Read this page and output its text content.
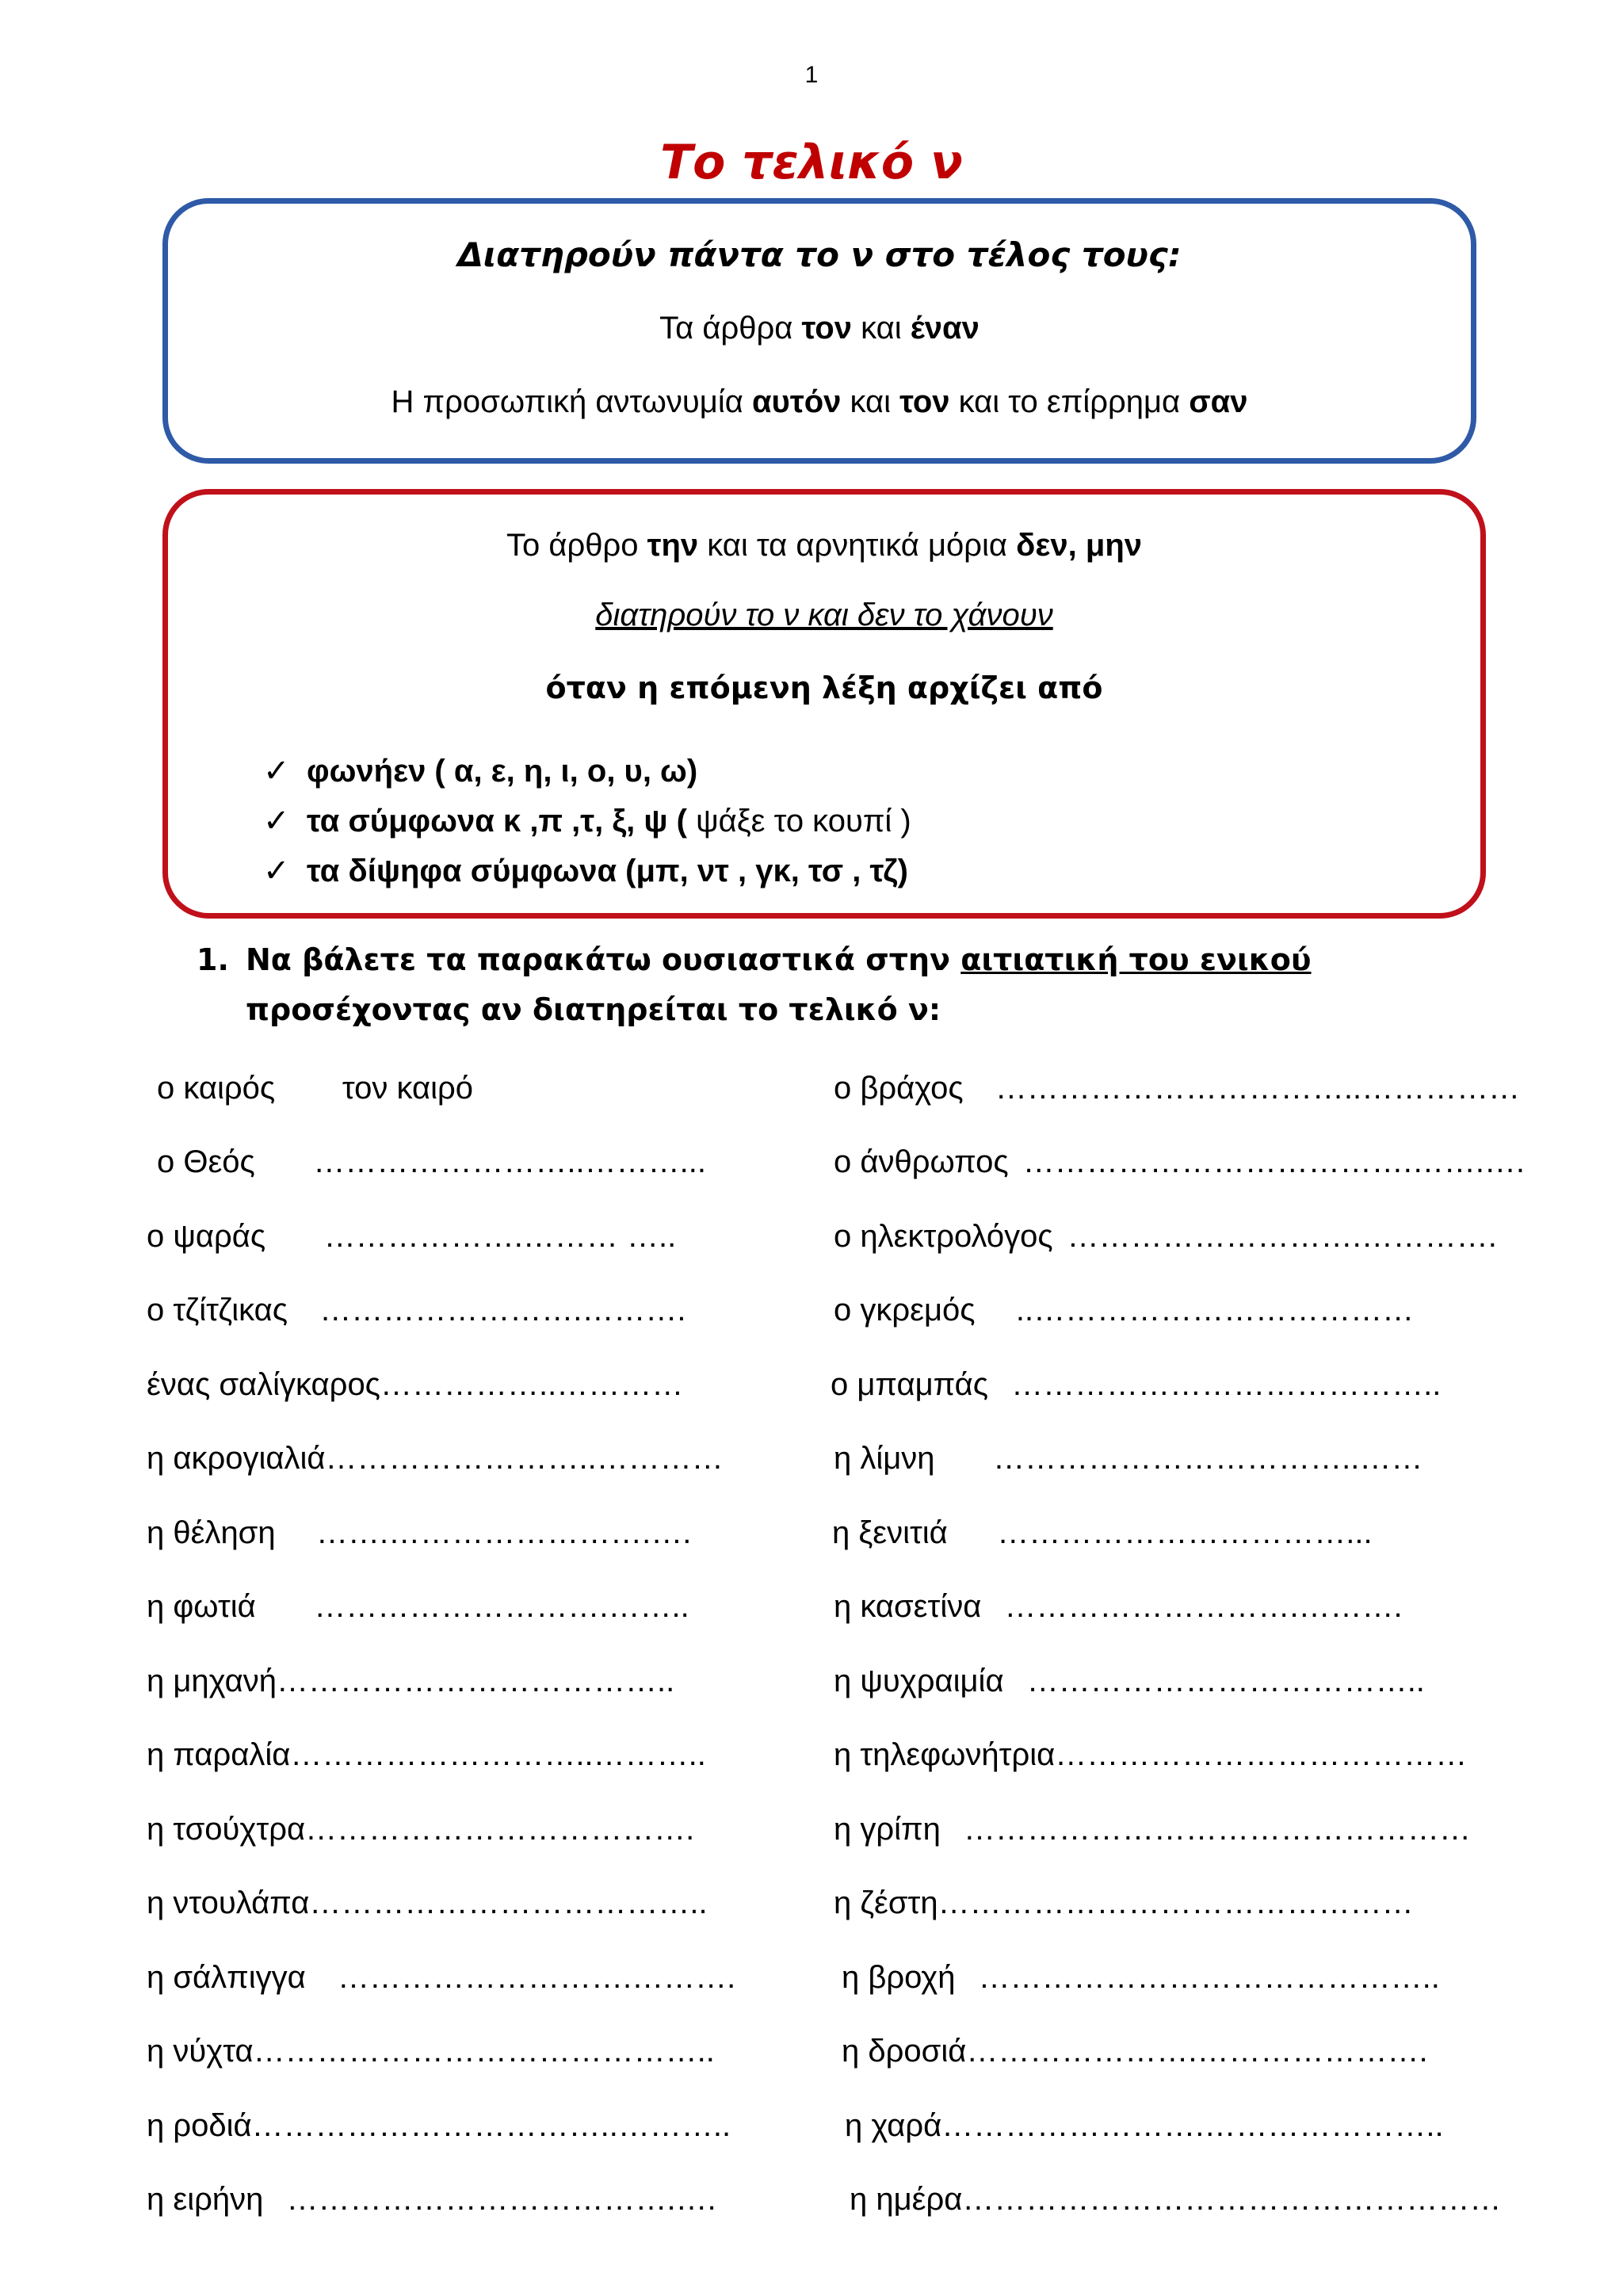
1
Το τελικό ν
Διατηρούν πάντα το ν στο τέλος τους:
Τα άρθρα τον και έναν
Η προσωπική αντωνυμία αυτόν και τον και το επίρρημα σαν
Το άρθρο την και τα αρνητικά μόρια δεν, μην
διατηρούν το ν και δεν το χάνουν
όταν η επόμενη λέξη αρχίζει από
✓ φωνήεν ( α, ε, η, ι, ο, υ, ω)
✓ τα σύμφωνα κ ,π ,τ, ξ, ψ ( ψάξε το κουπί )
✓ τα δίψηφα σύμφωνα (μπ, ντ , γκ, τσ , τζ)
1. Να βάλετε τα παρακάτω ουσιαστικά στην αιτιατική του ενικού προσέχοντας αν διατηρείται το τελικό ν:
ο καιρός      τον καιρό	ο βράχος  ……………………………..……………
ο Θεός     ……………………..………...	ο άνθρωπος ……………………………….…….….
ο ψαράς     ……………….……… …..	ο ηλεκτρολόγος ……………………….………….
ο τζίτζικας  …………………….……….	ο γκρεμός   ..………………………………
ένας σαλίγκαρος……………..…………	ο μπαμπάς …………………………………..
η ακρογιαλιά……………………..…………	η λίμνη     ……………………………..……
η θέληση   …….…………………….….	η ξενιτιά    ……………………………...
η φωτιά     ……………………….……..	η κασετίνα ……………………….……….
η μηχανή………………………………..	η ψυχραιμία ………………………………..
η παραλία………………………..………..	η τηλεφωνήτρια…………………………………
η τσούχτρα……………………………….	η γρίπη …………………………………………
η ντουλάπα………………………………..	η ζέστη………………………………………
η σάλπιγγα  ……………………….……….	η βροχή ……………………………………..
η νύχτα……………………………………..	η δροσιά………………….………………….
η ροδιά……………………………..………..	η χαρά…………………….…………………..
η ειρήνη ……………………………….….	η ημέρα……………………………………………
